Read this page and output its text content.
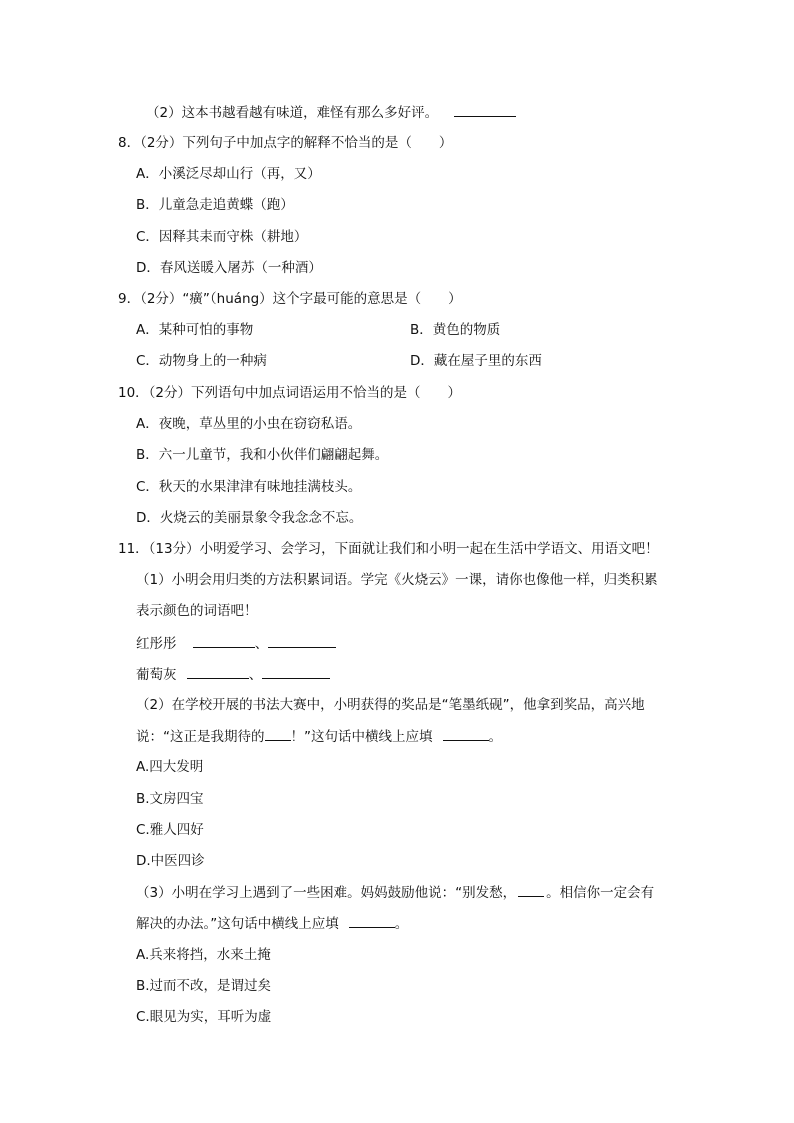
（2）这本书越看越有味道，难怪有那么多好评。
8．（2分）下列句子中加点字的解释不恰当的是（　　）
A．小溪泛尽却山行（再，又）
B．儿童急走追黄蝶（跑）
C．因释其耒而守株（耕地）
D．春风送暖入屠苏（一种酒）
9．（2分）“癀”（huáng）这个字最可能的意思是（　　）
A．某种可怕的事物	B．黄色的物质
C．动物身上的一种病	D．藏在屋子里的东西
10．（2分）下列语句中加点词语运用不恰当的是（　　）
A．夜晚，草丛里的小虫在窃窃私语。
B．六一儿童节，我和小伙伴们翩翩起舞。
C．秋天的水果津津有味地挂满枝头。
D．火烧云的美丽景象令我念念不忘。
11．（13分）小明爱学习、会学习，下面就让我们和小明一起在生活中学语文、用语文吧！
（1）小明会用归类的方法积累词语。学完《火烧云》一课，请你也像他一样，归类积累
表示颜色的词语吧！
红彤彤	、
葡萄灰	、
（2）在学校开展的书法大赛中，小明获得的奖品是“笔墨纸砚”，他拿到奖品，高兴地
说：“这正是我期待的 ！”这句话中横线上应填	。
A.四大发明
B.文房四宝
C.雅人四好
D.中医四诊
（3）小明在学习上遇到了一些困难。妈妈鼓励他说：“别发愁， 。相信你一定会有
解决的办法。”这句话中横线上应填	。
A.兵来将挡，水来土掩
B.过而不改，是谓过矣
C.眼见为实，耳听为虚
